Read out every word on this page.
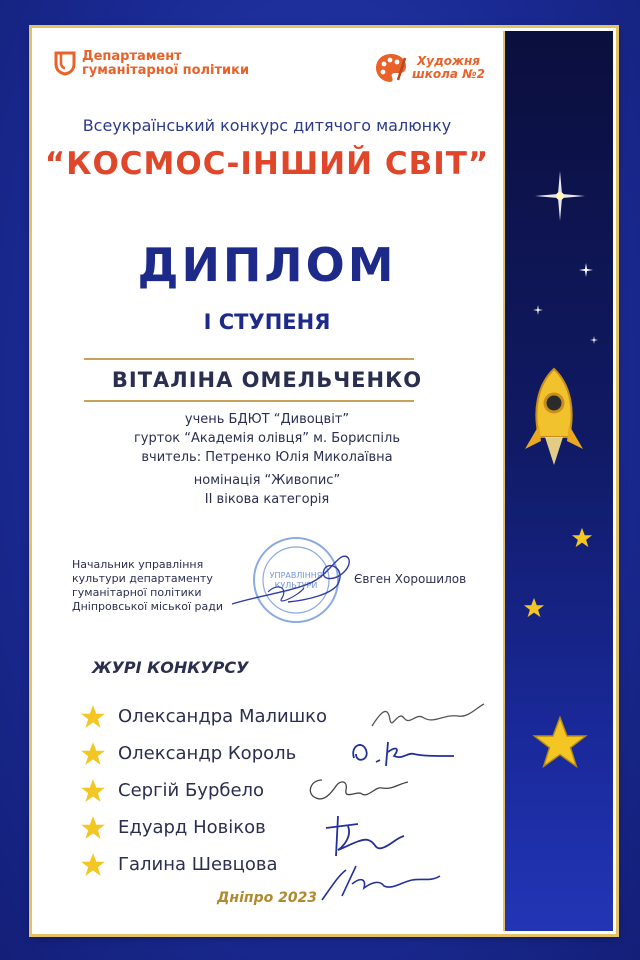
Департамент
гуманітарної політики
Художня
школа №2
Всеукраїнський конкурс дитячого малюнку
“КОСМОС-ІНШИЙ СВІТ”
ДИПЛОМ
І СТУПЕНЯ
ВІТАЛІНА ОМЕЛЬЧЕНКО
учень БДЮТ “Дивоцвіт”
гурток “Академія олівця” м. Бориспіль
вчитель: Петренко Юлія Миколаївна
номінація “Живопис”
ІІ вікова категорія
Начальник управління
культури департаменту
гуманітарної політики
Дніпровської міської ради
УПРАВЛІННЯ
КУЛЬТУРИ	Євген Хорошилов
ЖУРІ КОНКУРСУ
Олександра Малишко
Олександр Король
Сергій Бурбело
Едуард Новіков
Галина Шевцова
Дніпро 2023
